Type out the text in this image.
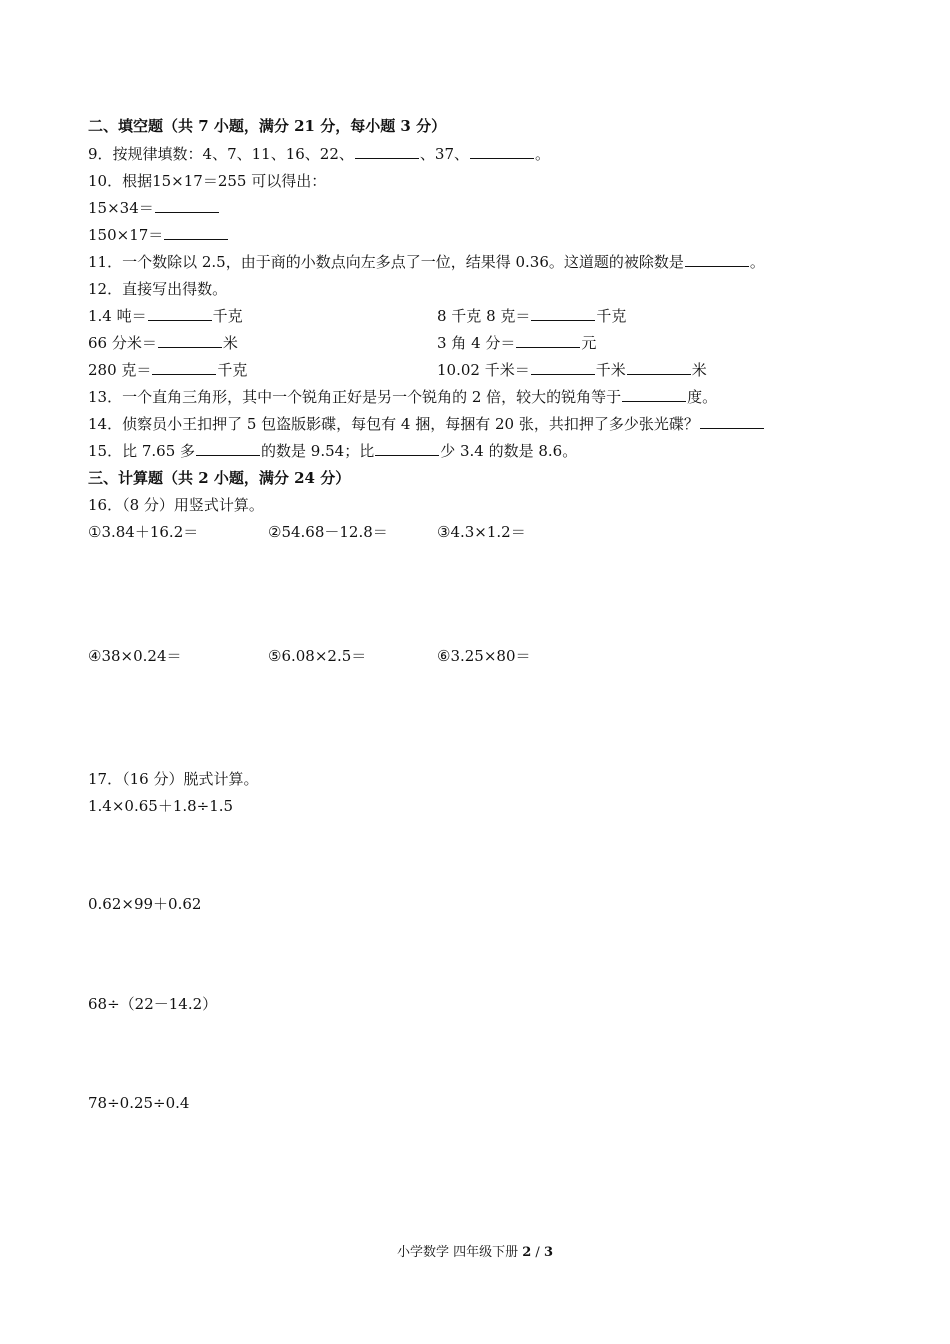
二、填空题（共 7 小题，满分 21 分，每小题 3 分）
9．按规律填数：4、7、11、16、22、	、37、	。
10．根据15×17＝255 可以得出：
15×34＝
150×17＝
11．一个数除以 2.5，由于商的小数点向左多点了一位，结果得 0.36。这道题的被除数是	。
12．直接写出得数。
1.4 吨＝	千克	8 千克 8 克＝	千克
66 分米＝	米	3 角 4 分＝	元
280 克＝	千克	10.02 千米＝	千米	米
13．一个直角三角形，其中一个锐角正好是另一个锐角的 2 倍，较大的锐角等于	度。
14．侦察员小王扣押了 5 包盗版影碟，每包有 4 捆，每捆有 20 张，共扣押了多少张光碟？
15．比 7.65 多	的数是 9.54；比	少 3.4 的数是 8.6。
三、计算题（共 2 小题，满分 24 分）
16．（8 分）用竖式计算。
①3.84＋16.2＝	②54.68－12.8＝	③4.3×1.2＝
④38×0.24＝	⑤6.08×2.5＝	⑥3.25×80＝
17．（16 分）脱式计算。
1.4×0.65＋1.8÷1.5
0.62×99＋0.62
68÷（22－14.2）
78÷0.25÷0.4
小学数学 四年级下册 2 / 3
